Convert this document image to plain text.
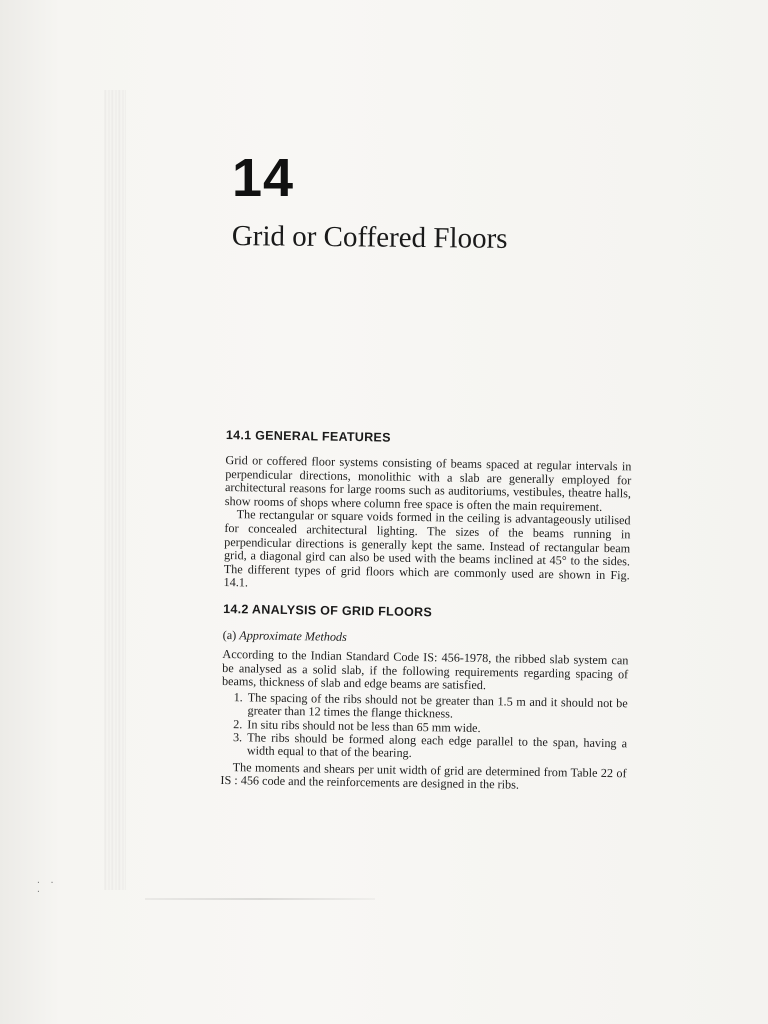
· · ·
14
Grid or Coffered Floors
14.1 GENERAL FEATURES

Grid or coffered floor systems consisting of beams spaced at regular intervals in perpendicular directions, monolithic with a slab are generally employed for architectural reasons for large rooms such as auditoriums, vestibules, theatre halls, show rooms of shops where column free space is often the main requirement.

The rectangular or square voids formed in the ceiling is advantageously utilised for concealed architectural lighting. The sizes of the beams running in perpendicular directions is generally kept the same. Instead of rectangular beam grid, a diagonal gird can also be used with the beams inclined at 45° to the sides. The different types of grid floors which are commonly used are shown in Fig. 14.1.

14.2 ANALYSIS OF GRID FLOORS

(a) Approximate Methods

According to the Indian Standard Code IS: 456-1978, the ribbed slab system can be analysed as a solid slab, if the following requirements regarding spacing of beams, thickness of slab and edge beams are satisfied.

1. The spacing of the ribs should not be greater than 1.5 m and it should not be greater than 12 times the flange thickness.
2. In situ ribs should not be less than 65 mm wide.
3. The ribs should be formed along each edge parallel to the span, having a width equal to that of the bearing.

The moments and shears per unit width of grid are determined from Table 22 of IS : 456 code and the reinforcements are designed in the ribs.
